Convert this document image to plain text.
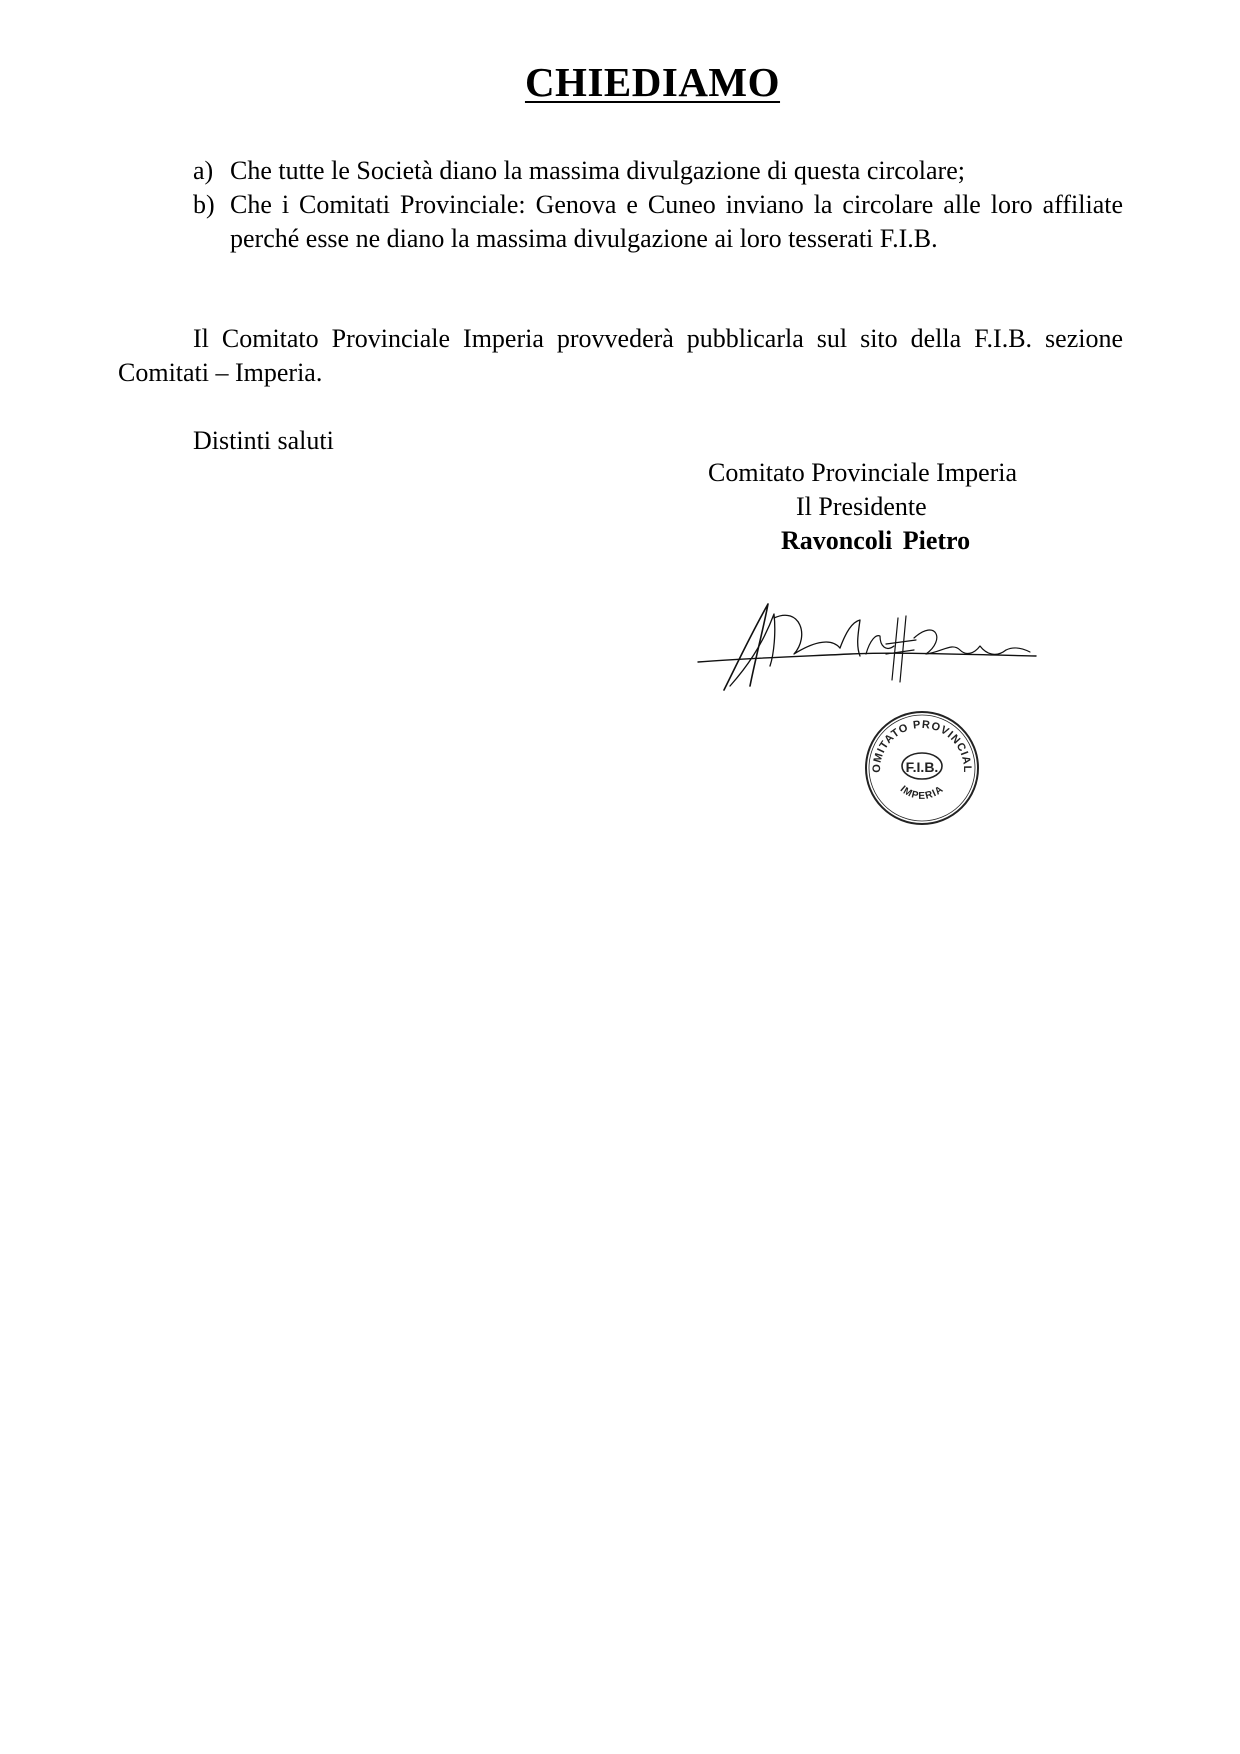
CHIEDIAMO
a) Che tutte le Società diano la massima divulgazione di questa circolare;
b) Che i Comitati Provinciale: Genova e Cuneo inviano la circolare alle loro affiliate perché esse ne diano la massima divulgazione ai loro tesserati F.I.B.
Il Comitato Provinciale Imperia provvederà pubblicarla sul sito della F.I.B. sezione Comitati – Imperia.
Distinti saluti
Comitato Provinciale Imperia
Il Presidente
Ravoncoli Pietro
OMITATO PROVINCIAL
F.I.B.
IMPERIA
